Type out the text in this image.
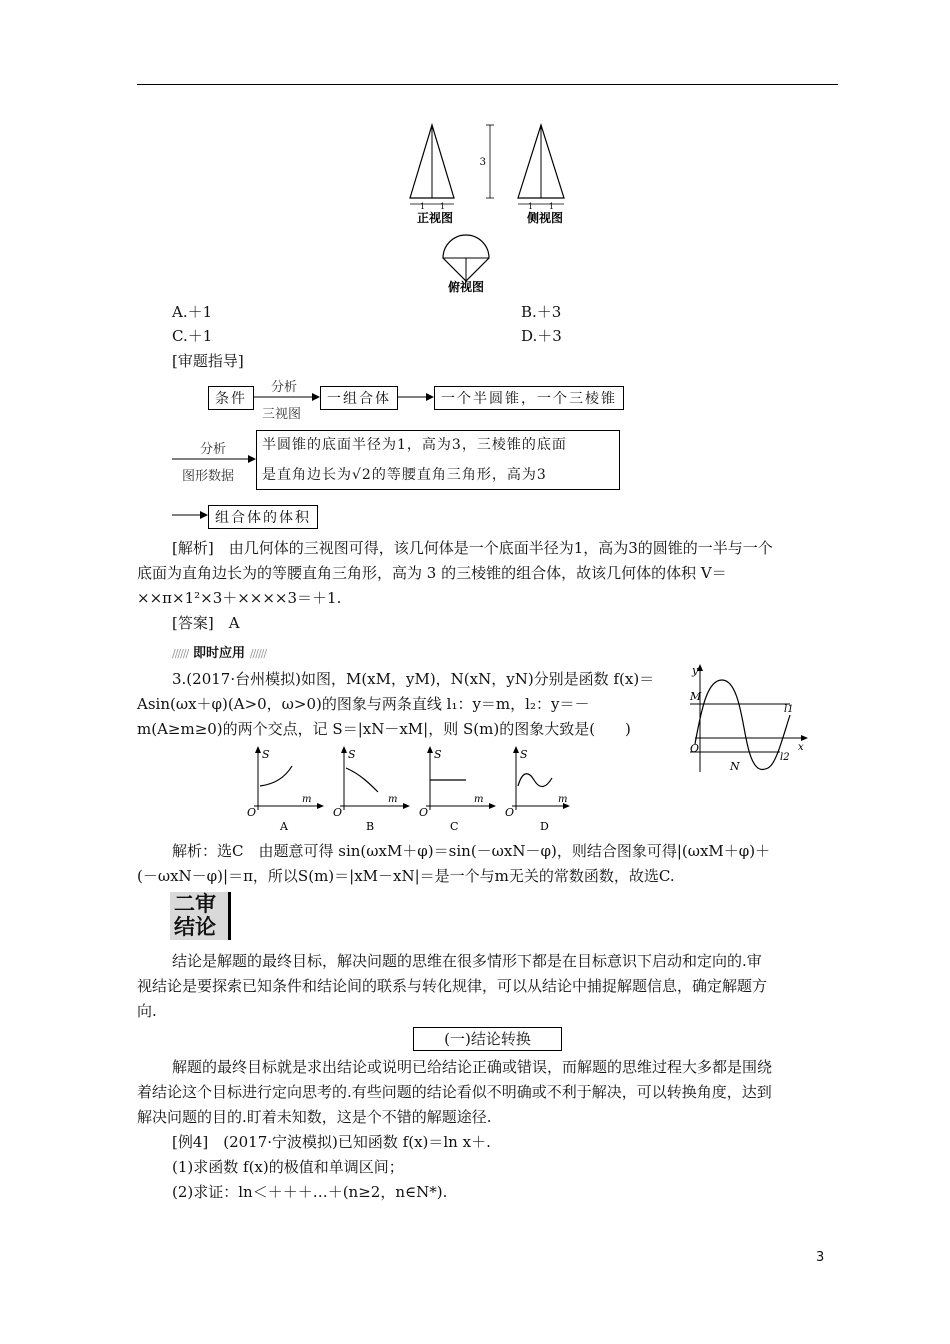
3
1 1	1 1
正视图	侧视图
俯视图
A.＋1	B.＋3
C.＋1	D.＋3
[审题指导]
条件
分析
三视图
一组合体	一个半圆锥，一个三棱锥
分析
图形数据
半圆锥的底面半径为1，高为3，三棱锥的底面
是直角边长为√2的等腰直角三角形，高为3
组合体的体积
[解析]　由几何体的三视图可得，该几何体是一个底面半径为1，高为3的圆锥的一半与一个
底面为直角边长为的等腰直角三角形，高为 3 的三棱锥的组合体，故该几何体的体积 V＝
××π×1²×3＋××××3＝＋1.
[答案]　A
////// 即时应用 //////
3.(2017·台州模拟)如图，M(xM，yM)，N(xN，yN)分别是函数 f(x)＝
Asin(ωx＋φ)(A>0，ω>0)的图象与两条直线 l₁：y＝m，l₂：y＝－
m(A≥m≥0)的两个交点，记 S＝|xN－xM|，则 S(m)的图象大致是(　　)
y
x
O
M
N
l1
l2
S
m
O
A
S
m
O
B
S
m
O
C
S
m
O
D
解析：选C　由题意可得 sin(ωxM＋φ)＝sin(－ωxN－φ)，则结合图象可得|(ωxM＋φ)＋
(－ωxN－φ)|＝π，所以S(m)＝|xM－xN|＝是一个与m无关的常数函数，故选C.
二审
结论
结论是解题的最终目标，解决问题的思维在很多情形下都是在目标意识下启动和定向的.审
视结论是要探索已知条件和结论间的联系与转化规律，可以从结论中捕捉解题信息，确定解题方
向.
(一)结论转换
解题的最终目标就是求出结论或说明已给结论正确或错误，而解题的思维过程大多都是围绕
着结论这个目标进行定向思考的.有些问题的结论看似不明确或不利于解决，可以转换角度，达到
解决问题的目的.盯着未知数，这是个不错的解题途径.
[例4]　(2017·宁波模拟)已知函数 f(x)＝ln x＋.
(1)求函数 f(x)的极值和单调区间；
(2)求证：ln＜＋＋＋…＋(n≥2，n∈N*).
3
